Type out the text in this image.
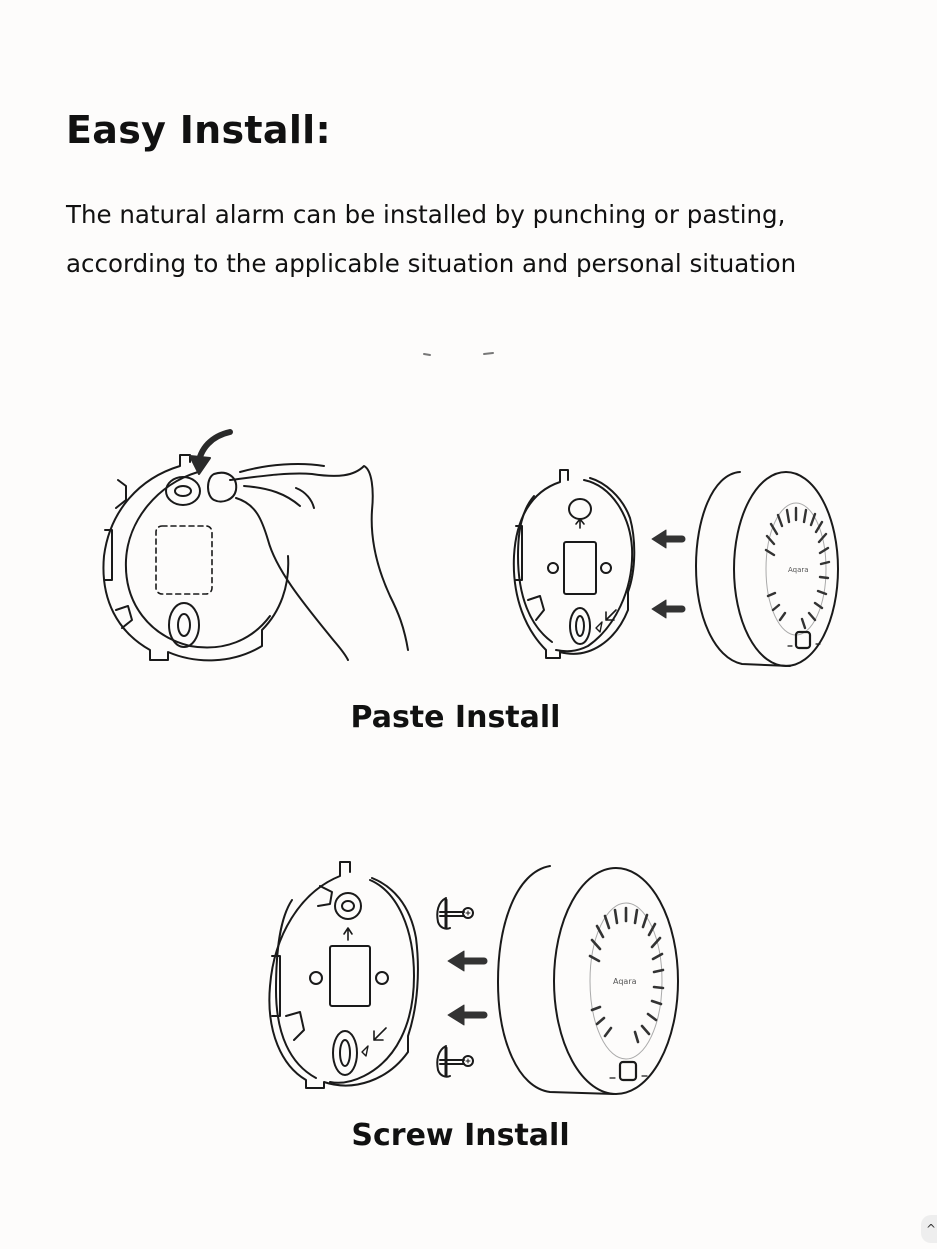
Easy Install:

The natural alarm can be installed by punching or pasting,
according to the applicable situation and personal situation

Aqara
Paste Install
Aqara
Screw Install
^
